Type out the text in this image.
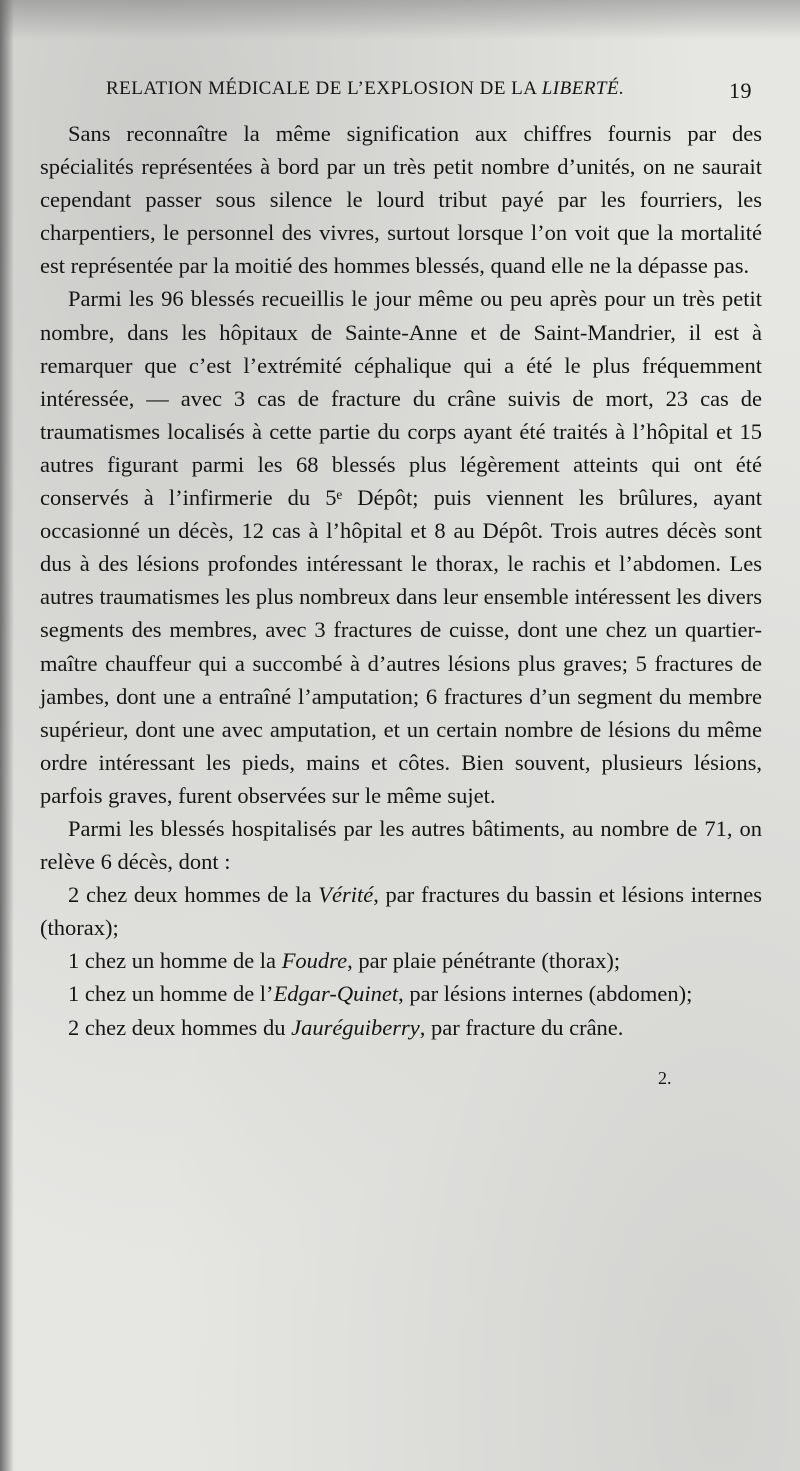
RELATION MÉDICALE DE L’EXPLOSION DE LA LIBERTÉ.	19

Sans reconnaître la même signification aux chiffres fournis par des spécialités représentées à bord par un très petit nombre d’unités, on ne saurait cependant passer sous silence le lourd tribut payé par les fourriers, les charpentiers, le personnel des vivres, surtout lorsque l’on voit que la mortalité est représentée par la moitié des hommes blessés, quand elle ne la dépasse pas.

Parmi les 96 blessés recueillis le jour même ou peu après pour un très petit nombre, dans les hôpitaux de Sainte-Anne et de Saint-Mandrier, il est à remarquer que c’est l’extrémité céphalique qui a été le plus fréquemment intéressée, — avec 3 cas de fracture du crâne suivis de mort, 23 cas de traumatismes localisés à cette partie du corps ayant été traités à l’hôpital et 15 autres figurant parmi les 68 blessés plus légèrement atteints qui ont été conservés à l’infirmerie du 5ᵉ Dépôt; puis viennent les brûlures, ayant occasionné un décès, 12 cas à l’hôpital et 8 au Dépôt. Trois autres décès sont dus à des lésions profondes intéressant le thorax, le rachis et l’abdomen. Les autres traumatismes les plus nombreux dans leur ensemble intéressent les divers segments des membres, avec 3 fractures de cuisse, dont une chez un quartier-maître chauffeur qui a succombé à d’autres lésions plus graves; 5 fractures de jambes, dont une a entraîné l’amputation; 6 fractures d’un segment du membre supérieur, dont une avec amputation, et un certain nombre de lésions du même ordre intéressant les pieds, mains et côtes. Bien souvent, plusieurs lésions, parfois graves, furent observées sur le même sujet.

Parmi les blessés hospitalisés par les autres bâtiments, au nombre de 71, on relève 6 décès, dont :

2 chez deux hommes de la Vérité, par fractures du bassin et lésions internes (thorax);

1 chez un homme de la Foudre, par plaie pénétrante (thorax);

1 chez un homme de l’Edgar-Quinet, par lésions internes (abdomen);

2 chez deux hommes du Jauréguiberry, par fracture du crâne.

2.
